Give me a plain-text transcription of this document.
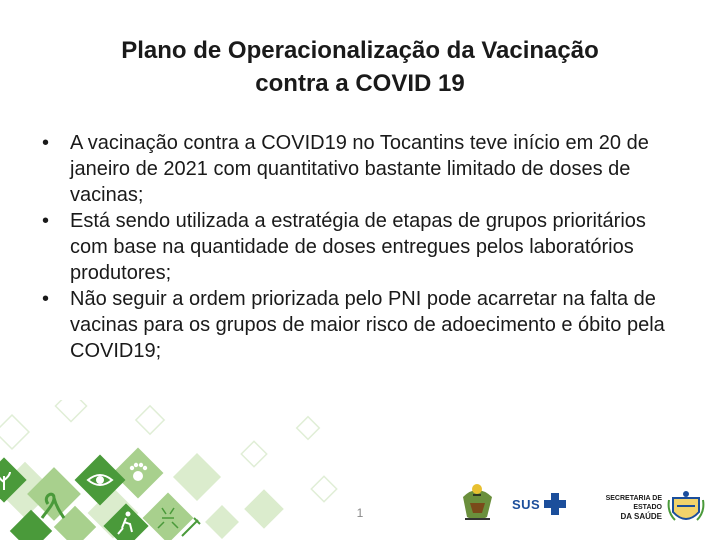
Plano de Operacionalização da Vacinação
contra a COVID 19
• A vacinação contra a COVID19 no Tocantins teve início em 20 de janeiro de 2021 com quantitativo bastante limitado de doses de vacinas;
• Está sendo utilizada a estratégia de etapas de grupos prioritários com base na quantidade de doses entregues pelos laboratórios produtores;
• Não seguir a ordem priorizada pelo PNI pode acarretar na falta de vacinas para os grupos de maior risco de adoecimento e óbito pela COVID19;
1
SUS	SECRETARIA DE ESTADO
DA SAÚDE
